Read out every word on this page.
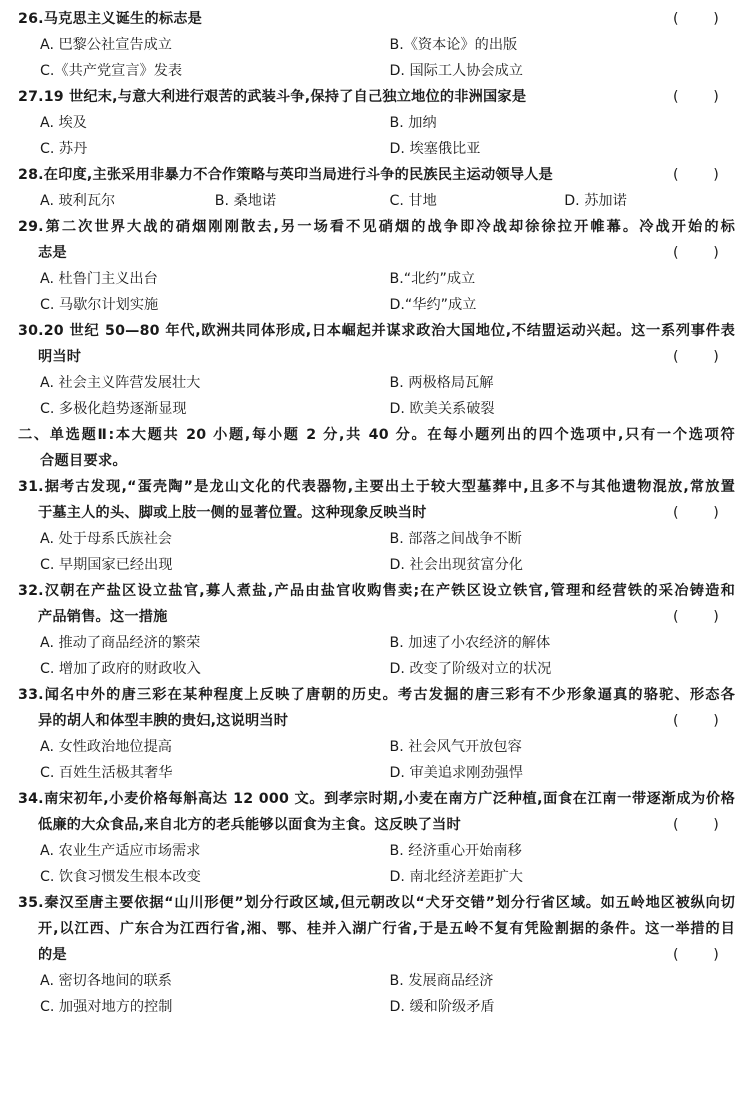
26.马克思主义诞生的标志是	( )
A. 巴黎公社宣告成立	B.《资本论》的出版
C.《共产党宣言》发表	D. 国际工人协会成立
27.19 世纪末,与意大利进行艰苦的武装斗争,保持了自己独立地位的非洲国家是	( )
A. 埃及	B. 加纳
C. 苏丹	D. 埃塞俄比亚
28.在印度,主张采用非暴力不合作策略与英印当局进行斗争的民族民主运动领导人是	( )
A. 玻利瓦尔	B. 桑地诺	C. 甘地	D. 苏加诺
29.第二次世界大战的硝烟刚刚散去,另一场看不见硝烟的战争即冷战却徐徐拉开帷幕。冷战开始的标
志是	( )
A. 杜鲁门主义出台	B.“北约”成立
C. 马歇尔计划实施	D.“华约”成立
30.20 世纪 50—80 年代,欧洲共同体形成,日本崛起并谋求政治大国地位,不结盟运动兴起。这一系列事件表
明当时	( )
A. 社会主义阵营发展壮大	B. 两极格局瓦解
C. 多极化趋势逐渐显现	D. 欧美关系破裂
二、单选题Ⅱ:本大题共 20 小题,每小题 2 分,共 40 分。在每小题列出的四个选项中,只有一个选项符
合题目要求。
31.据考古发现,“蛋壳陶”是龙山文化的代表器物,主要出土于较大型墓葬中,且多不与其他遗物混放,常放置
于墓主人的头、脚或上肢一侧的显著位置。这种现象反映当时	( )
A. 处于母系氏族社会	B. 部落之间战争不断
C. 早期国家已经出现	D. 社会出现贫富分化
32.汉朝在产盐区设立盐官,募人煮盐,产品由盐官收购售卖;在产铁区设立铁官,管理和经营铁的采冶铸造和
产品销售。这一措施	( )
A. 推动了商品经济的繁荣	B. 加速了小农经济的解体
C. 增加了政府的财政收入	D. 改变了阶级对立的状况
33.闻名中外的唐三彩在某种程度上反映了唐朝的历史。考古发掘的唐三彩有不少形象逼真的骆驼、形态各
异的胡人和体型丰腴的贵妇,这说明当时	( )
A. 女性政治地位提高	B. 社会风气开放包容
C. 百姓生活极其奢华	D. 审美追求刚劲强悍
34.南宋初年,小麦价格每斛高达 12 000 文。到孝宗时期,小麦在南方广泛种植,面食在江南一带逐渐成为价格
低廉的大众食品,来自北方的老兵能够以面食为主食。这反映了当时	( )
A. 农业生产适应市场需求	B. 经济重心开始南移
C. 饮食习惯发生根本改变	D. 南北经济差距扩大
35.秦汉至唐主要依据“山川形便”划分行政区域,但元朝改以“犬牙交错”划分行省区域。如五岭地区被纵向切
开,以江西、广东合为江西行省,湘、鄂、桂并入湖广行省,于是五岭不复有凭险割据的条件。这一举措的目
的是	( )
A. 密切各地间的联系	B. 发展商品经济
C. 加强对地方的控制	D. 缓和阶级矛盾
